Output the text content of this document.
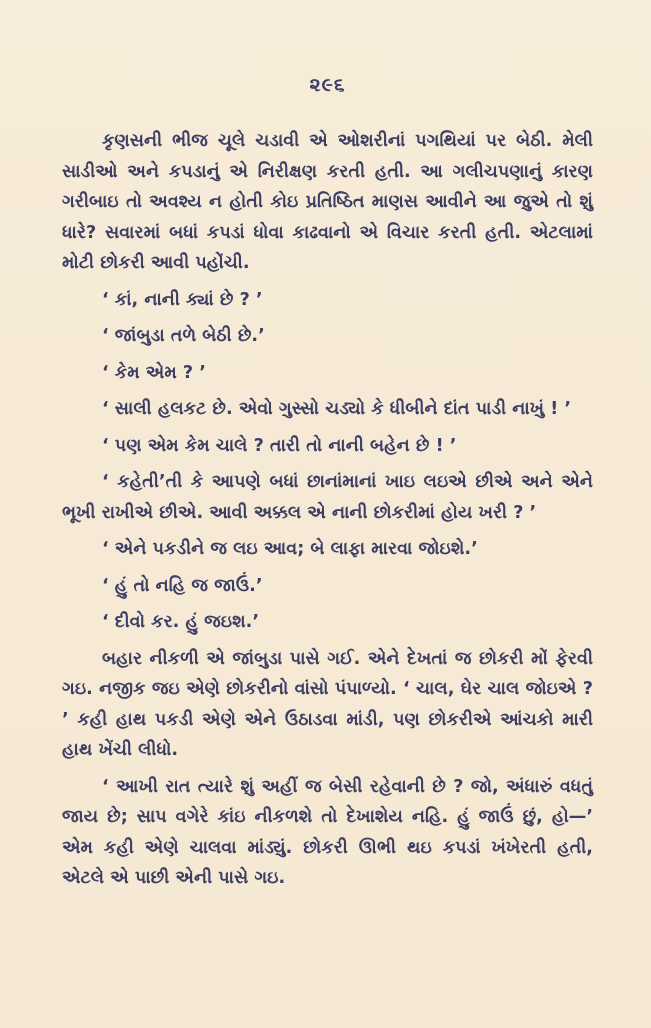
૨૯૬

કૃણસની ભીજ ચૂલે ચડાવી એ ઓશરીનાં પગથિયાં પર બેઠી. મેલી સાડીઓ અને કપડાનું એ નિરીક્ષણ કરતી હતી. આ ગલીચપણાનું કારણ ગરીબાઇ તો અવશ્ય ન હોતી કોઇ પ્રતિષ્ઠિત માણસ આવીને આ જુએ તો શું ધારે? સવારમાં બધાં કપડાં ધોવા કાઢવાનો એ વિચાર કરતી હતી. એટલામાં મોટી છોકરી આવી પહોંચી.

‘ કાં, નાની ક્યાં છે ? ’

‘ જાંબુડા તળે બેઠી છે.’

‘ કેમ એમ ? ’

‘ સાલી હલકટ છે. એવો ગુસ્સો ચડ્યો કે ધીબીને દાંત પાડી નાખું ! ’

‘ પણ એમ કેમ ચાલે ? તારી તો નાની બહેન છે ! ’

‘ કહેતી’તી કે આપણે બધાં છાનાંમાનાં ખાઇ લઇએ છીએ અને એને ભૂખી રાખીએ છીએ. આવી અક્કલ એ નાની છોકરીમાં હોય ખરી ? ’

‘ એને પકડીને જ લઇ આવ; બે લાફા મારવા જોઇશે.’

‘ હું તો નહિ જ જાઉં.’

‘ દીવો કર. હું જઇશ.’

બહાર નીકળી એ જાંબુડા પાસે ગઈ. એને દેખતાં જ છોકરી મોં ફેરવી ગઇ. નજીક જઇ એણે છોકરીનો વાંસો પંપાળ્યો. ‘ ચાલ, ઘેર ચાલ જોઇએ ? ’ કહી હાથ પકડી એણે એને ઉઠાડવા માંડી, પણ છોકરીએ આંચકો મારી હાથ ખેંચી લીધો.

‘ આખી રાત ત્યારે શું અહીં જ બેસી રહેવાની છે ? જો, અંધારું વધતું જાય છે; સાપ વગેરે કાંઇ નીકળશે તો દેખાશેય નહિ. હું જાઉં છું, હો—’ એમ કહી એણે ચાલવા માંડ્યું. છોકરી ઊભી થઇ કપડાં ખંખેરતી હતી, એટલે એ પાછી એની પાસે ગઇ.
